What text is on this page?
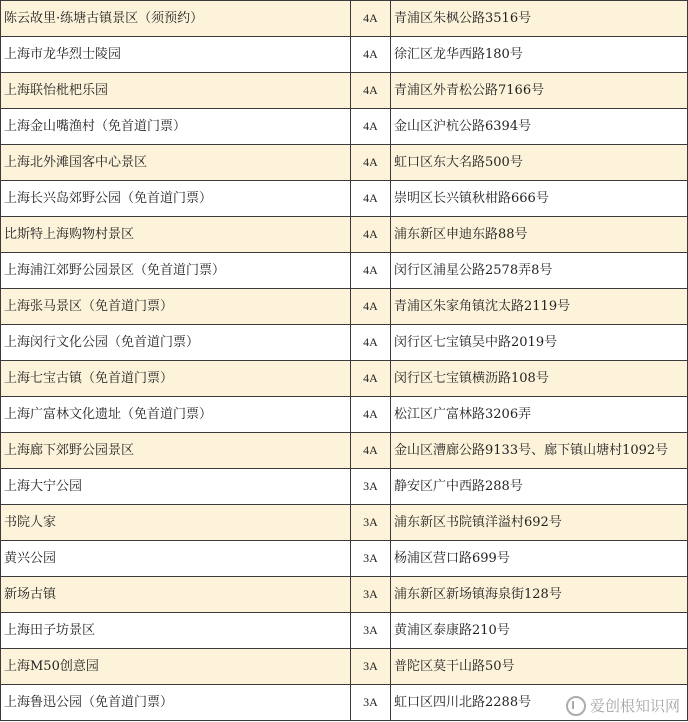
陈云故里·练塘古镇景区（须预约）	4A	青浦区朱枫公路3516号
上海市龙华烈士陵园	4A	徐汇区龙华西路180号
上海联怡枇杷乐园	4A	青浦区外青松公路7166号
上海金山嘴渔村（免首道门票）	4A	金山区沪杭公路6394号
上海北外滩国客中心景区	4A	虹口区东大名路500号
上海长兴岛郊野公园（免首道门票）	4A	崇明区长兴镇秋柑路666号
比斯特上海购物村景区	4A	浦东新区申迪东路88号
上海浦江郊野公园景区（免首道门票）	4A	闵行区浦星公路2578弄8号
上海张马景区（免首道门票）	4A	青浦区朱家角镇沈太路2119号
上海闵行文化公园（免首道门票）	4A	闵行区七宝镇吴中路2019号
上海七宝古镇（免首道门票）	4A	闵行区七宝镇横沥路108号
上海广富林文化遗址（免首道门票）	4A	松江区广富林路3206弄
上海廊下郊野公园景区	4A	金山区漕廊公路9133号、廊下镇山塘村1092号
上海大宁公园	3A	静安区广中西路288号
书院人家	3A	浦东新区书院镇洋溢村692号
黄兴公园	3A	杨浦区营口路699号
新场古镇	3A	浦东新区新场镇海泉街128号
上海田子坊景区	3A	黄浦区泰康路210号
上海M50创意园	3A	普陀区莫干山路50号
上海鲁迅公园（免首道门票）	3A	虹口区四川北路2288号	爱创根知识网
